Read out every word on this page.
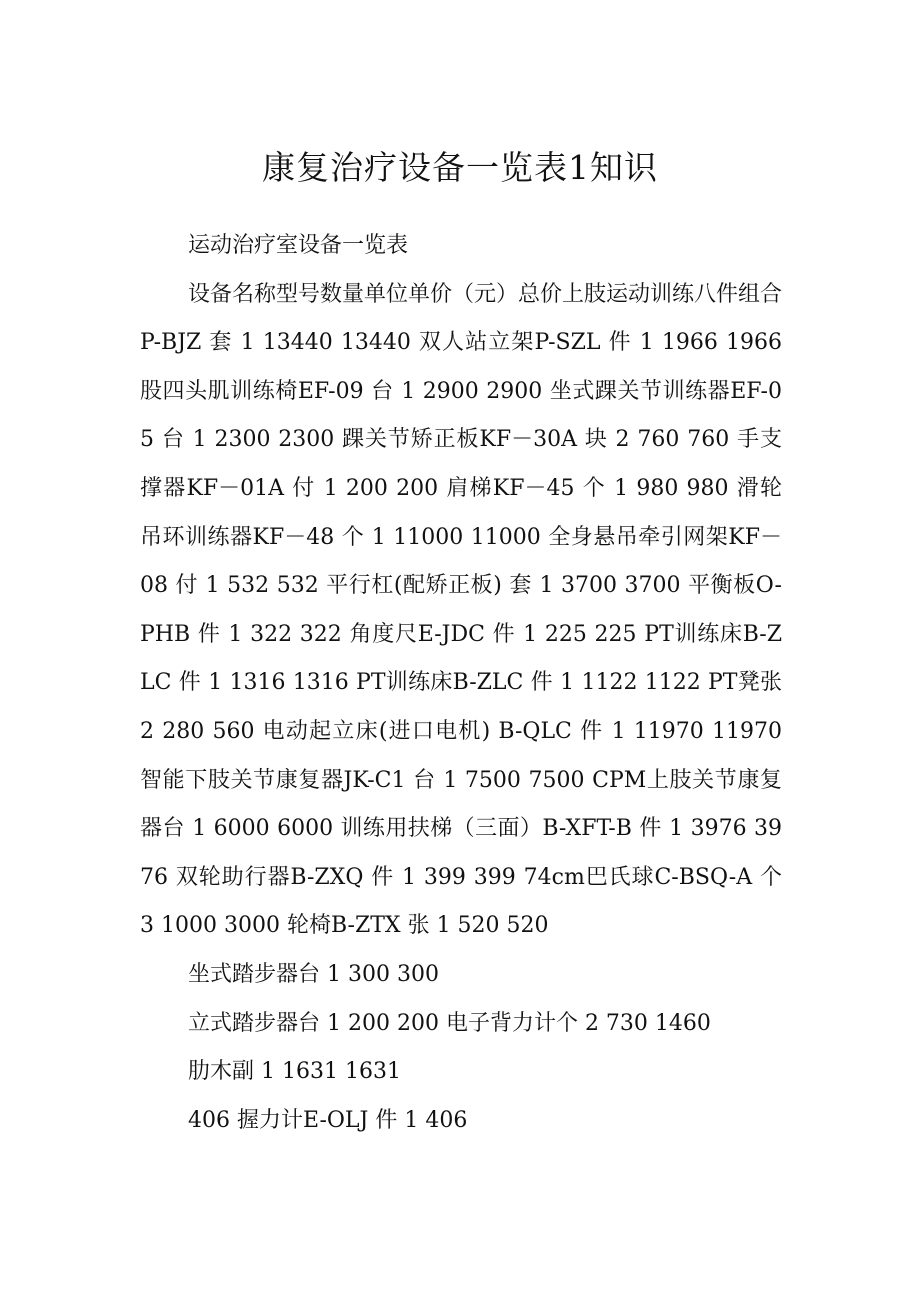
康复治疗设备一览表1知识

运动治疗室设备一览表

设备名称型号数量单位单价（元）总价上肢运动训练八件组合P-BJZ 套 1 13440 13440 双人站立架P-SZL 件 1 1966 1966 股四头肌训练椅EF-09 台 1 2900 2900 坐式踝关节训练器EF-05 台 1 2300 2300 踝关节矫正板KF－30A 块 2 760 760 手支撑器KF－01A 付 1 200 200 肩梯KF－45 个 1 980 980 滑轮吊环训练器KF－48 个 1 11000 11000 全身悬吊牵引网架KF－08 付 1 532 532 平行杠(配矫正板) 套 1 3700 3700 平衡板O-PHB 件 1 322 322 角度尺E-JDC 件 1 225 225 PT训练床B-ZLC 件 1 1316 1316 PT训练床B-ZLC 件 1 1122 1122 PT凳张 2 280 560 电动起立床(进口电机) B-QLC 件 1 11970 11970 智能下肢关节康复器JK-C1 台 1 7500 7500 CPM上肢关节康复器台 1 6000 6000 训练用扶梯（三面）B-XFT-B 件 1 3976 3976 双轮助行器B-ZXQ 件 1 399 399 74cm巴氏球C-BSQ-A 个 3 1000 3000 轮椅B-ZTX 张 1 520 520

坐式踏步器台 1 300 300

立式踏步器台 1 200 200 电子背力计个 2 730 1460

肋木副 1 1631 1631

406 握力计E-OLJ 件 1 406
